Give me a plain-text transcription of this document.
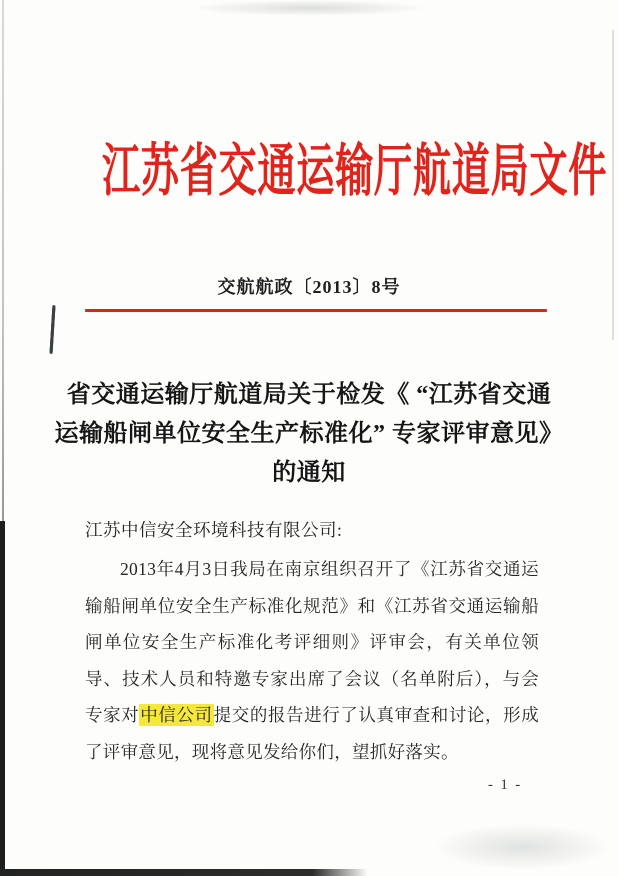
江苏省交通运输厅航道局文件
交航航政〔2013〕8号
省交通运输厅航道局关于检发《 “江苏省交通
运输船闸单位安全生产标准化” 专家评审意见》
的通知
江苏中信安全环境科技有限公司:
2013年4月3日我局在南京组织召开了《江苏省交通运输船闸单位安全生产标准化规范》和《江苏省交通运输船闸单位安全生产标准化考评细则》评审会，有关单位领导、技术人员和特邀专家出席了会议（名单附后），与会专家对中信公司提交的报告进行了认真审查和讨论，形成了评审意见，现将意见发给你们，望抓好落实。
- 1 -
